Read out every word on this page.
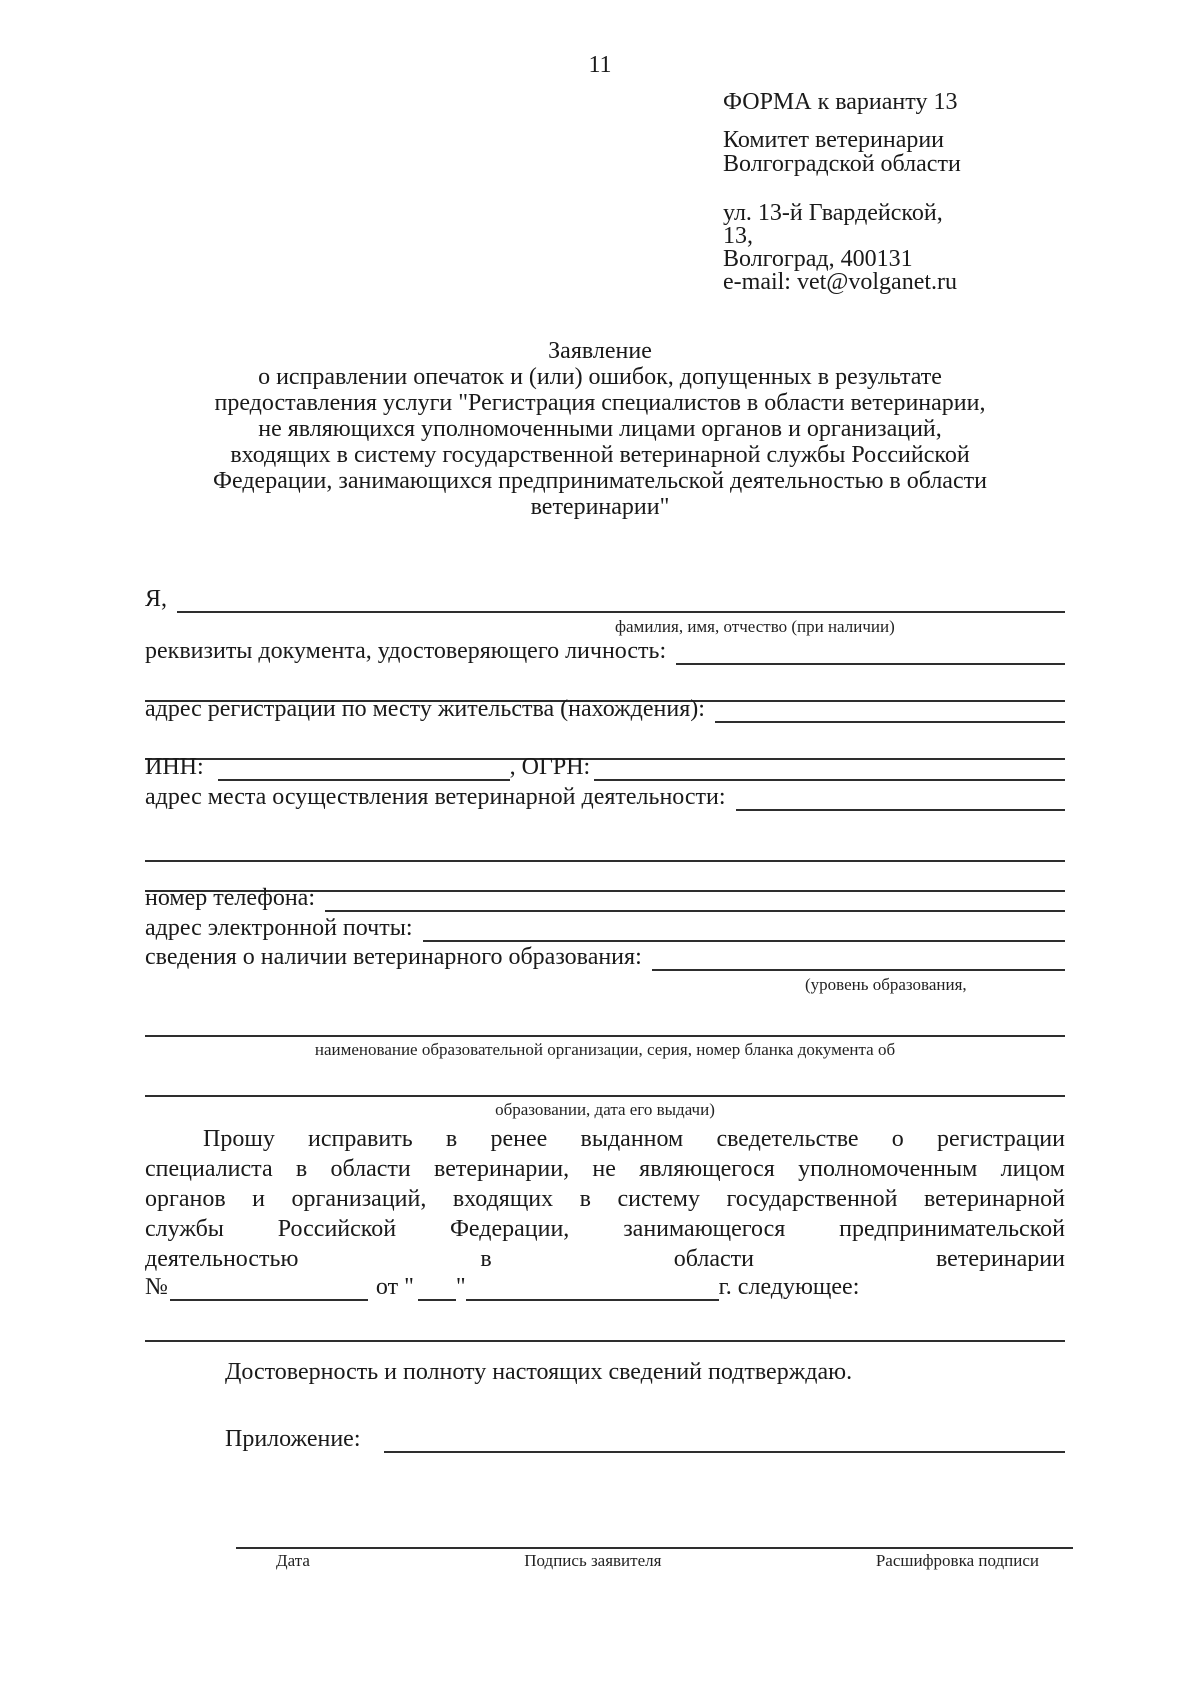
11
ФОРМА к варианту 13
Комитет ветеринарии
Волгоградской области
ул. 13-й Гвардейской,
13,
Волгоград, 400131
e-mail: vet@volganet.ru
Заявление
о исправлении опечаток и (или) ошибок, допущенных в результате
предоставления услуги "Регистрация специалистов в области ветеринарии,
не являющихся уполномоченными лицами органов и организаций,
входящих в систему государственной ветеринарной службы Российской
Федерации, занимающихся предпринимательской деятельностью в области
ветеринарии"
Я,
фамилия, имя, отчество (при наличии)
реквизиты документа, удостоверяющего личность:
адрес регистрации по месту жительства (нахождения):
ИНН:	, ОГРН:
адрес места осуществления ветеринарной деятельности:
номер телефона:
адрес электронной почты:
сведения о наличии ветеринарного образования:
(уровень образования,
наименование образовательной организации, серия, номер бланка документа об
образовании, дата его выдачи)
Прошу исправить в ренее выданном сведетельстве о регистрации специалиста в области ветеринарии, не являющегося уполномоченным лицом органов и организаций, входящих в систему государственной ветеринарной службы Российской Федерации, занимающегося предпринимательской деятельностью в области ветеринарии
№	от " "	г. следующее:
Достоверность и полноту настоящих сведений подтверждаю.
Приложение:
Дата	Подпись заявителя	Расшифровка подписи
